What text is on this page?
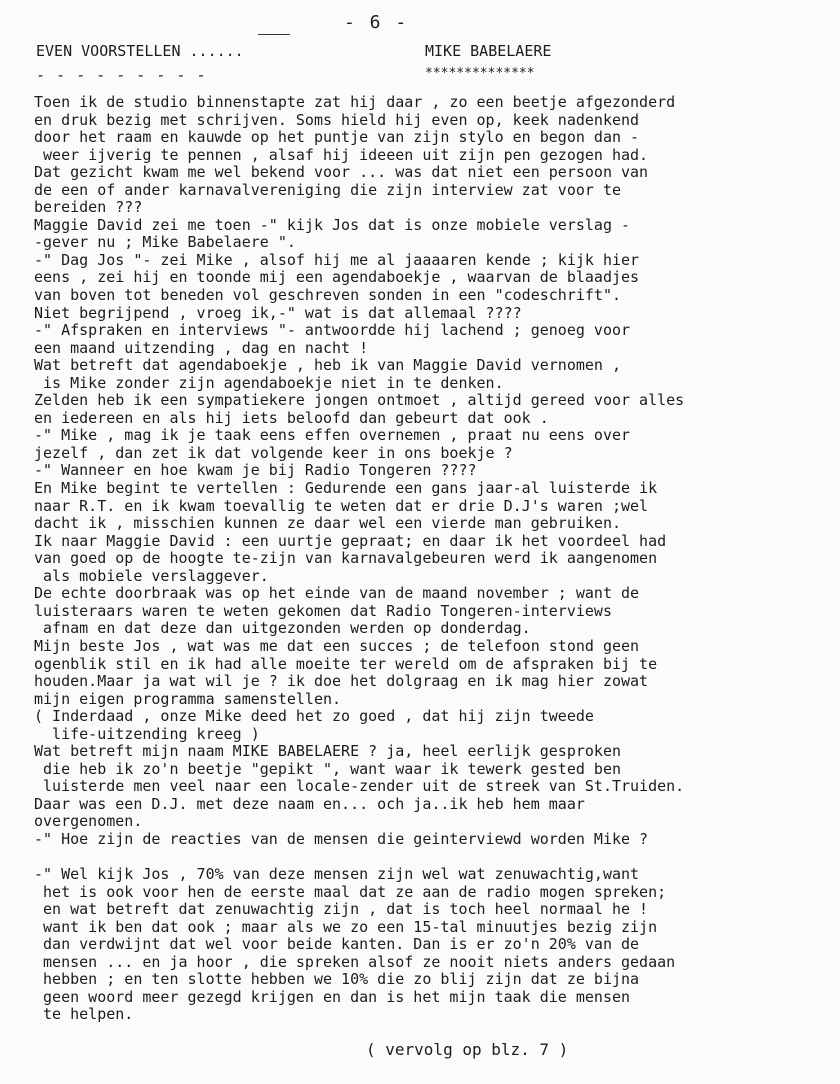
- 6 -
EVEN VOORSTELLEN ......
- - - - - - - - -
MIKE BABELAERE
**************
Toen ik de studio binnenstapte zat hij daar , zo een beetje afgezonderd
en druk bezig met schrijven. Soms hield hij even op, keek nadenkend
door het raam en kauwde op het puntje van zijn stylo en begon dan -
weer ijverig te pennen , alsaf hij ideeen uit zijn pen gezogen had.
Dat gezicht kwam me wel bekend voor ... was dat niet een persoon van
de een of ander karnavalvereniging die zijn interview zat voor te
bereiden ???
Maggie David zei me toen -" kijk Jos dat is onze mobiele verslag -
-gever nu ; Mike Babelaere ".
-" Dag Jos "- zei Mike , alsof hij me al jaaaaren kende ; kijk hier
eens , zei hij en toonde mij een agendaboekje , waarvan de blaadjes
van boven tot beneden vol geschreven sonden in een "codeschrift".
Niet begrijpend , vroeg ik,-" wat is dat allemaal ????
-" Afspraken en interviews "- antwoordde hij lachend ; genoeg voor
een maand uitzending , dag en nacht !
Wat betreft dat agendaboekje , heb ik van Maggie David vernomen ,
is Mike zonder zijn agendaboekje niet in te denken.
Zelden heb ik een sympatiekere jongen ontmoet , altijd gereed voor alles
en iedereen en als hij iets beloofd dan gebeurt dat ook .
-" Mike , mag ik je taak eens effen overnemen , praat nu eens over
jezelf , dan zet ik dat volgende keer in ons boekje ?
-" Wanneer en hoe kwam je bij Radio Tongeren ????
En Mike begint te vertellen : Gedurende een gans jaar-al luisterde ik
naar R.T. en ik kwam toevallig te weten dat er drie D.J's waren ;wel
dacht ik , misschien kunnen ze daar wel een vierde man gebruiken.
Ik naar Maggie David : een uurtje gepraat; en daar ik het voordeel had
van goed op de hoogte te-zijn van karnavalgebeuren werd ik aangenomen
als mobiele verslaggever.
De echte doorbraak was op het einde van de maand november ; want de
luisteraars waren te weten gekomen dat Radio Tongeren-interviews
afnam en dat deze dan uitgezonden werden op donderdag.
Mijn beste Jos , wat was me dat een succes ; de telefoon stond geen
ogenblik stil en ik had alle moeite ter wereld om de afspraken bij te
houden.Maar ja wat wil je ? ik doe het dolgraag en ik mag hier zowat
mijn eigen programma samenstellen.
( Inderdaad , onze Mike deed het zo goed , dat hij zijn tweede
life-uitzending kreeg )
Wat betreft mijn naam MIKE BABELAERE ? ja, heel eerlijk gesproken
die heb ik zo'n beetje "gepikt ", want waar ik tewerk gested ben
luisterde men veel naar een locale-zender uit de streek van St.Truiden.
Daar was een D.J. met deze naam en... och ja..ik heb hem maar
overgenomen.
-" Hoe zijn de reacties van de mensen die geinterviewd worden Mike ?
-" Wel kijk Jos , 70% van deze mensen zijn wel wat zenuwachtig,want
het is ook voor hen de eerste maal dat ze aan de radio mogen spreken;
en wat betreft dat zenuwachtig zijn , dat is toch heel normaal he !
want ik ben dat ook ; maar als we zo een 15-tal minuutjes bezig zijn
dan verdwijnt dat wel voor beide kanten. Dan is er zo'n 20% van de
mensen ... en ja hoor , die spreken alsof ze nooit niets anders gedaan
hebben ; en ten slotte hebben we 10% die zo blij zijn dat ze bijna
geen woord meer gezegd krijgen en dan is het mijn taak die mensen
te helpen.
( vervolg op blz. 7 )
